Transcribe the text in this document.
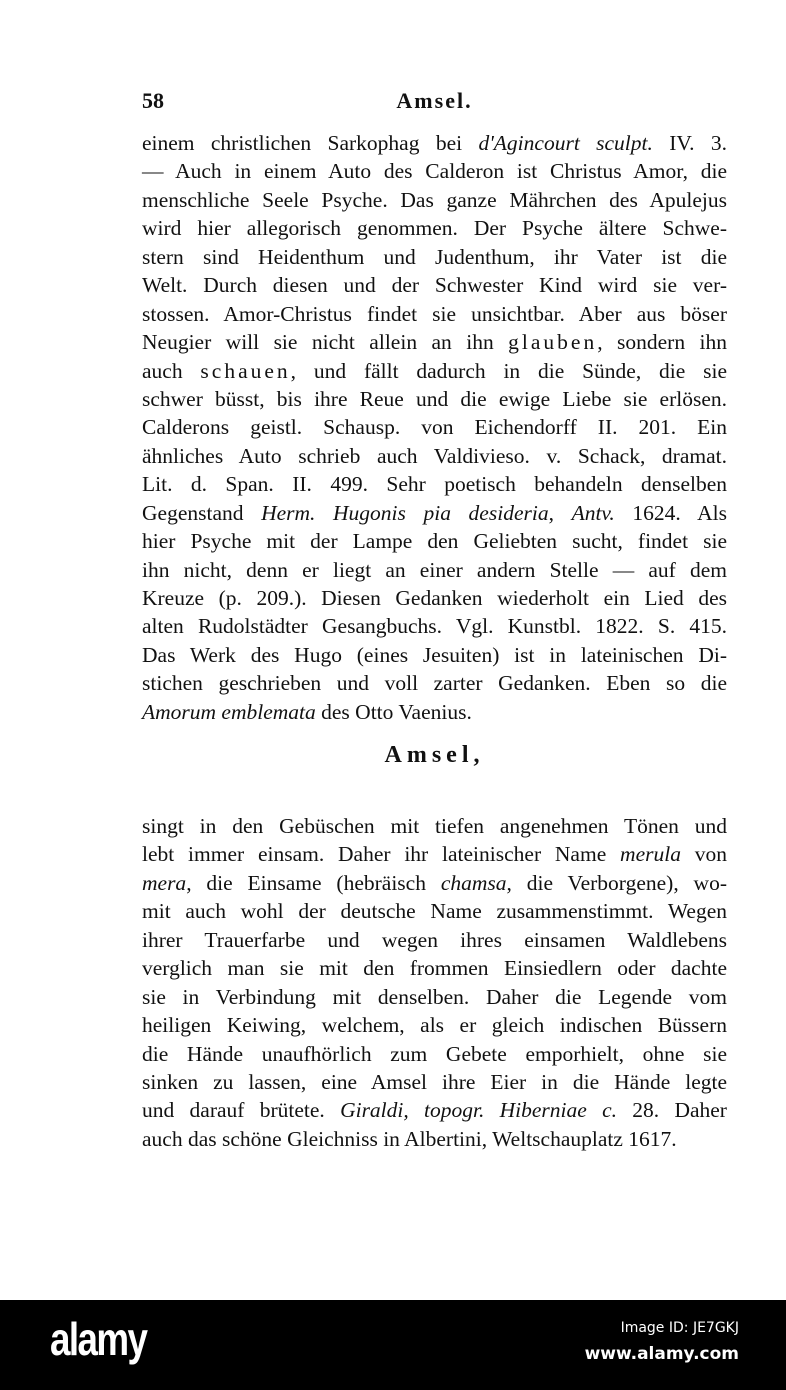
58	Amsel.
einem christlichen Sarkophag bei d'Agincourt sculpt. IV. 3.
— Auch in einem Auto des Calderon ist Christus Amor, die
menschliche Seele Psyche. Das ganze Mährchen des Apulejus
wird hier allegorisch genommen. Der Psyche ältere Schwe-
stern sind Heidenthum und Judenthum, ihr Vater ist die
Welt. Durch diesen und der Schwester Kind wird sie ver-
stossen. Amor-Christus findet sie unsichtbar. Aber aus böser
Neugier will sie nicht allein an ihn glauben, sondern ihn
auch schauen, und fällt dadurch in die Sünde, die sie
schwer büsst, bis ihre Reue und die ewige Liebe sie erlösen.
Calderons geistl. Schausp. von Eichendorff II. 201. Ein
ähnliches Auto schrieb auch Valdivieso. v. Schack, dramat.
Lit. d. Span. II. 499. Sehr poetisch behandeln denselben
Gegenstand Herm. Hugonis pia desideria, Antv. 1624. Als
hier Psyche mit der Lampe den Geliebten sucht, findet sie
ihn nicht, denn er liegt an einer andern Stelle — auf dem
Kreuze (p. 209.). Diesen Gedanken wiederholt ein Lied des
alten Rudolstädter Gesangbuchs. Vgl. Kunstbl. 1822. S. 415.
Das Werk des Hugo (eines Jesuiten) ist in lateinischen Di-
stichen geschrieben und voll zarter Gedanken. Eben so die
Amorum emblemata des Otto Vaenius.
Amsel,
singt in den Gebüschen mit tiefen angenehmen Tönen und
lebt immer einsam. Daher ihr lateinischer Name merula von
mera, die Einsame (hebräisch chamsa, die Verborgene), wo-
mit auch wohl der deutsche Name zusammenstimmt. Wegen
ihrer Trauerfarbe und wegen ihres einsamen Waldlebens
verglich man sie mit den frommen Einsiedlern oder dachte
sie in Verbindung mit denselben. Daher die Legende vom
heiligen Keiwing, welchem, als er gleich indischen Büssern
die Hände unaufhörlich zum Gebete emporhielt, ohne sie
sinken zu lassen, eine Amsel ihre Eier in die Hände legte
und darauf brütete. Giraldi, topogr. Hiberniae c. 28. Daher
auch das schöne Gleichniss in Albertini, Weltschauplatz 1617.
alamy	Image ID: JE7GKJ
www.alamy.com
